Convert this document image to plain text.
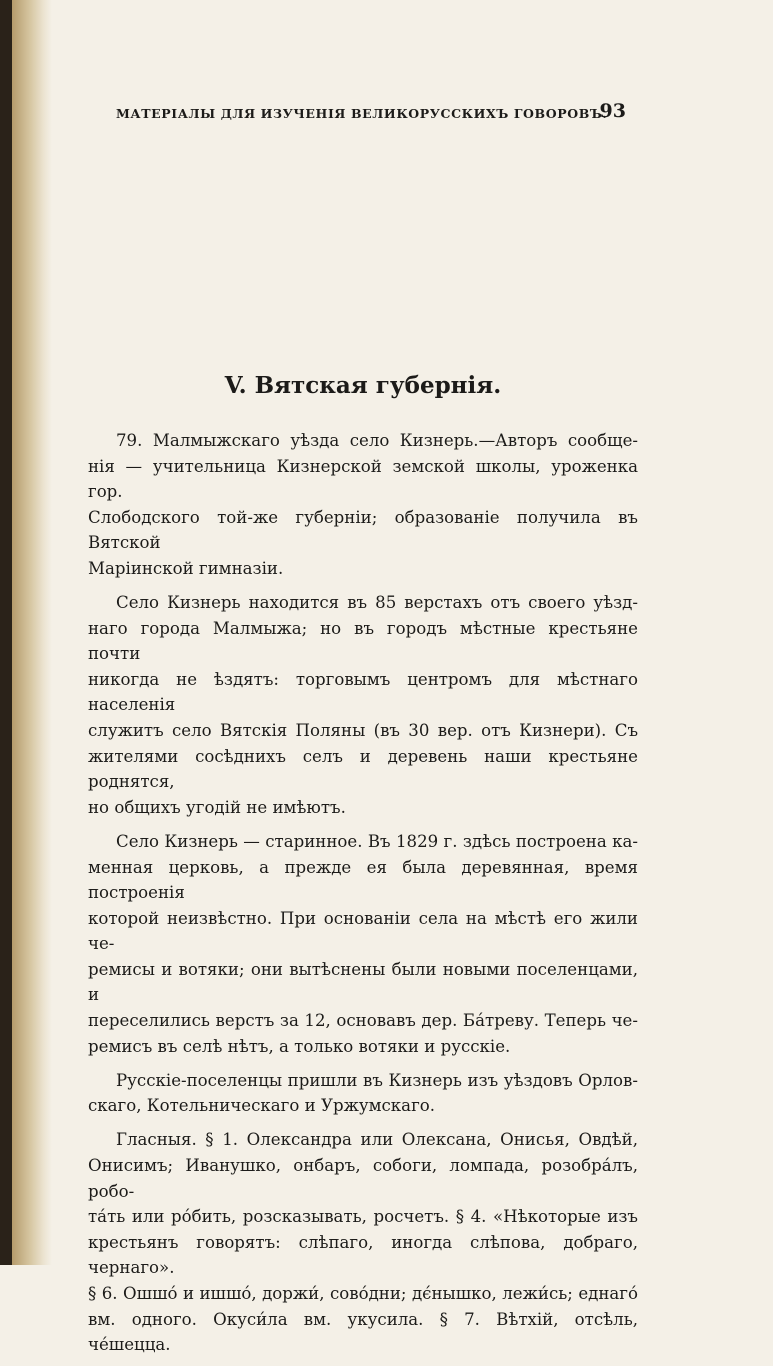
МАТЕРІАЛЫ ДЛЯ ИЗУЧЕНІЯ ВЕЛИКОРУССКИХЪ ГОВОРОВЪ.
93
V. Вятская губернія.

79. Малмыжскаго уѣзда село Кизнерь.—Авторъ сообще-
нія — учительница Кизнерской земской школы, уроженка гор.
Слободского той-же губерніи; образованіе получила въ Вятской
Маріинской гимназіи.

Село Кизнерь находится въ 85 верстахъ отъ своего уѣзд-
наго города Малмыжа; но въ городъ мѣстные крестьяне почти
никогда не ѣздятъ: торговымъ центромъ для мѣстнаго населенія
служитъ село Вятскія Поляны (въ 30 вер. отъ Кизнери). Съ
жителями сосѣднихъ селъ и деревень наши крестьяне роднятся,
но общихъ угодій не имѣютъ.

Село Кизнерь — старинное. Въ 1829 г. здѣсь построена ка-
менная церковь, а прежде ея была деревянная, время построенія
которой неизвѣстно. При основаніи села на мѣстѣ его жили че-
ремисы и вотяки; они вытѣснены были новыми поселенцами, и
переселились верстъ за 12, основавъ дер. Ба́треву. Теперь че-
ремисъ въ селѣ нѣтъ, а только вотяки и русскіе.

Русскіе-поселенцы пришли въ Кизнерь изъ уѣздовъ Орлов-
скаго, Котельническаго и Уржумскаго.

Гласныя. § 1. Олександра или Олексана, Онисья, Овдѣй,
Онисимъ; Иванушко, онбаръ, собоги, ломпада, розобра́лъ, робо-
та́ть или ро́бить, розсказывать, росчетъ. § 4. «Нѣкоторые изъ
крестьянъ говорятъ: слѣпаго, иногда слѣпова, добраго, чернаго».
§ 6. Ошшо́ и ишшо́, доржи́, сово́дни; дє́нышко, лежи́сь; еднаго́
вм. одного. Окуси́ла вм. укусила. § 7. Вѣтхій, отсѣль, че́шецца.
